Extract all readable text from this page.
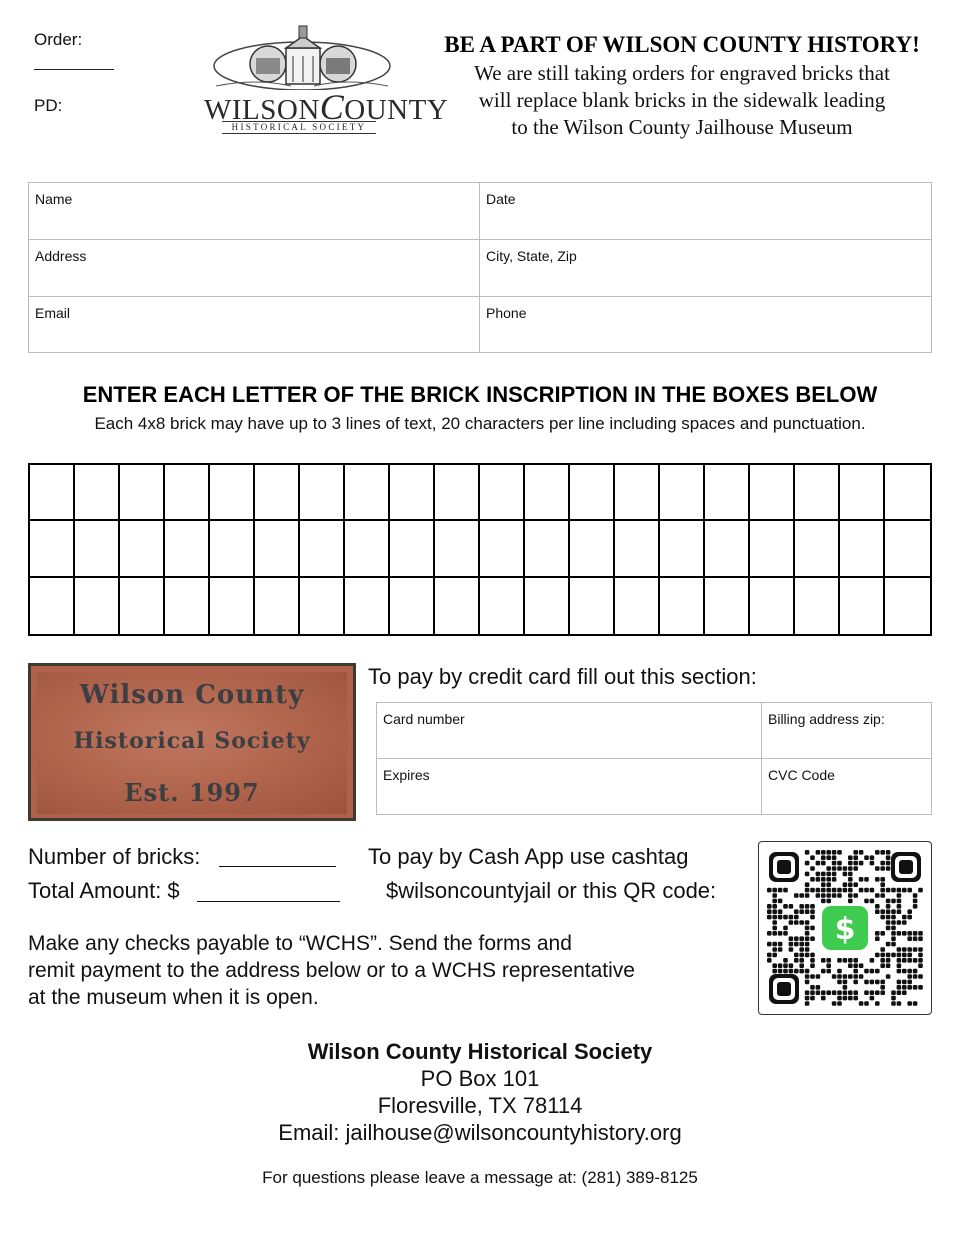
Order:
PD:	WILSONCOUNTY
HISTORICAL SOCIETY
BE A PART OF WILSON COUNTY HISTORY!
We are still taking orders for engraved bricks that
will replace blank bricks in the sidewalk leading
to the Wilson County Jailhouse Museum
Name	Date
Address	City, State, Zip
Email	Phone
ENTER EACH LETTER OF THE BRICK INSCRIPTION IN THE BOXES BELOW
Each 4x8 brick may have up to 3 lines of text, 20 characters per line including spaces and punctuation.
Wilson County
Historical Society
Est. 1997
To pay by credit card fill out this section:
Card number	Billing address zip:
Expires	CVC Code
Number of bricks:
Total Amount: $
To pay by Cash App use cashtag
$wilsoncountyjail or this QR code:
$
Make any checks payable to “WCHS”. Send the forms and
remit payment to the address below or to a WCHS representative
at the museum when it is open.
Wilson County Historical Society
PO Box 101
Floresville, TX 78114
Email: jailhouse@wilsoncountyhistory.org
For questions please leave a message at: (281) 389-8125
